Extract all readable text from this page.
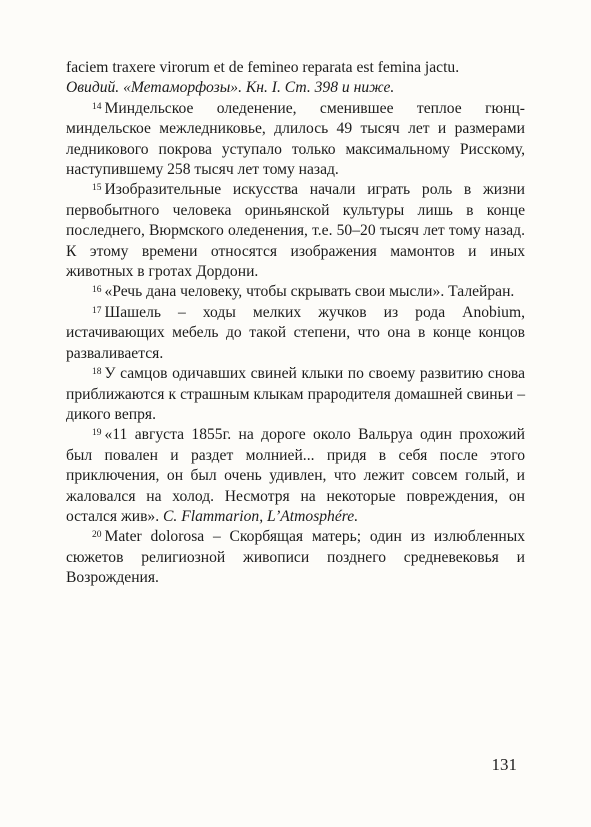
faciem traxere virorum et de femineo reparata est femina jactu.
Овидий. «Метаморфозы». Кн. I. Ст. 398 и ниже.

$^{14}$ Миндельское оледенение, сменившее теплое гюнц-миндельское межледниковье, длилось 49 тысяч лет и размерами ледникового покрова уступало только максимальному Рисскому, наступившему 258 тысяч лет тому назад.

$^{15}$ Изобразительные искусства начали играть роль в жизни первобытного человека ориньянской культуры лишь в конце последнего, Вюрмского оледенения, т.е. 50–20 тысяч лет тому назад. К этому времени относятся изображения мамонтов и иных животных в гротах Дордони.

$^{16}$ «Речь дана человеку, чтобы скрывать свои мысли». Талейран.

$^{17}$ Шашель – ходы мелких жучков из рода Anobium, истачивающих мебель до такой степени, что она в конце концов разваливается.

$^{18}$ У самцов одичавших свиней клыки по своему развитию снова приближаются к страшным клыкам прародителя домашней свиньи – дикого вепря.

$^{19}$ «11 августа 1855г. на дороге около Вальруа один прохожий был повален и раздет молнией... придя в себя после этого приключения, он был очень удивлен, что лежит совсем голый, и жаловался на холод. Несмотря на некоторые повреждения, он остался жив». C. Flammarion, L’Atmosphére.

$^{20}$ Mater dolorosa – Скорбящая матерь; один из излюбленных сюжетов религиозной живописи позднего средневековья и Возрождения.

131
